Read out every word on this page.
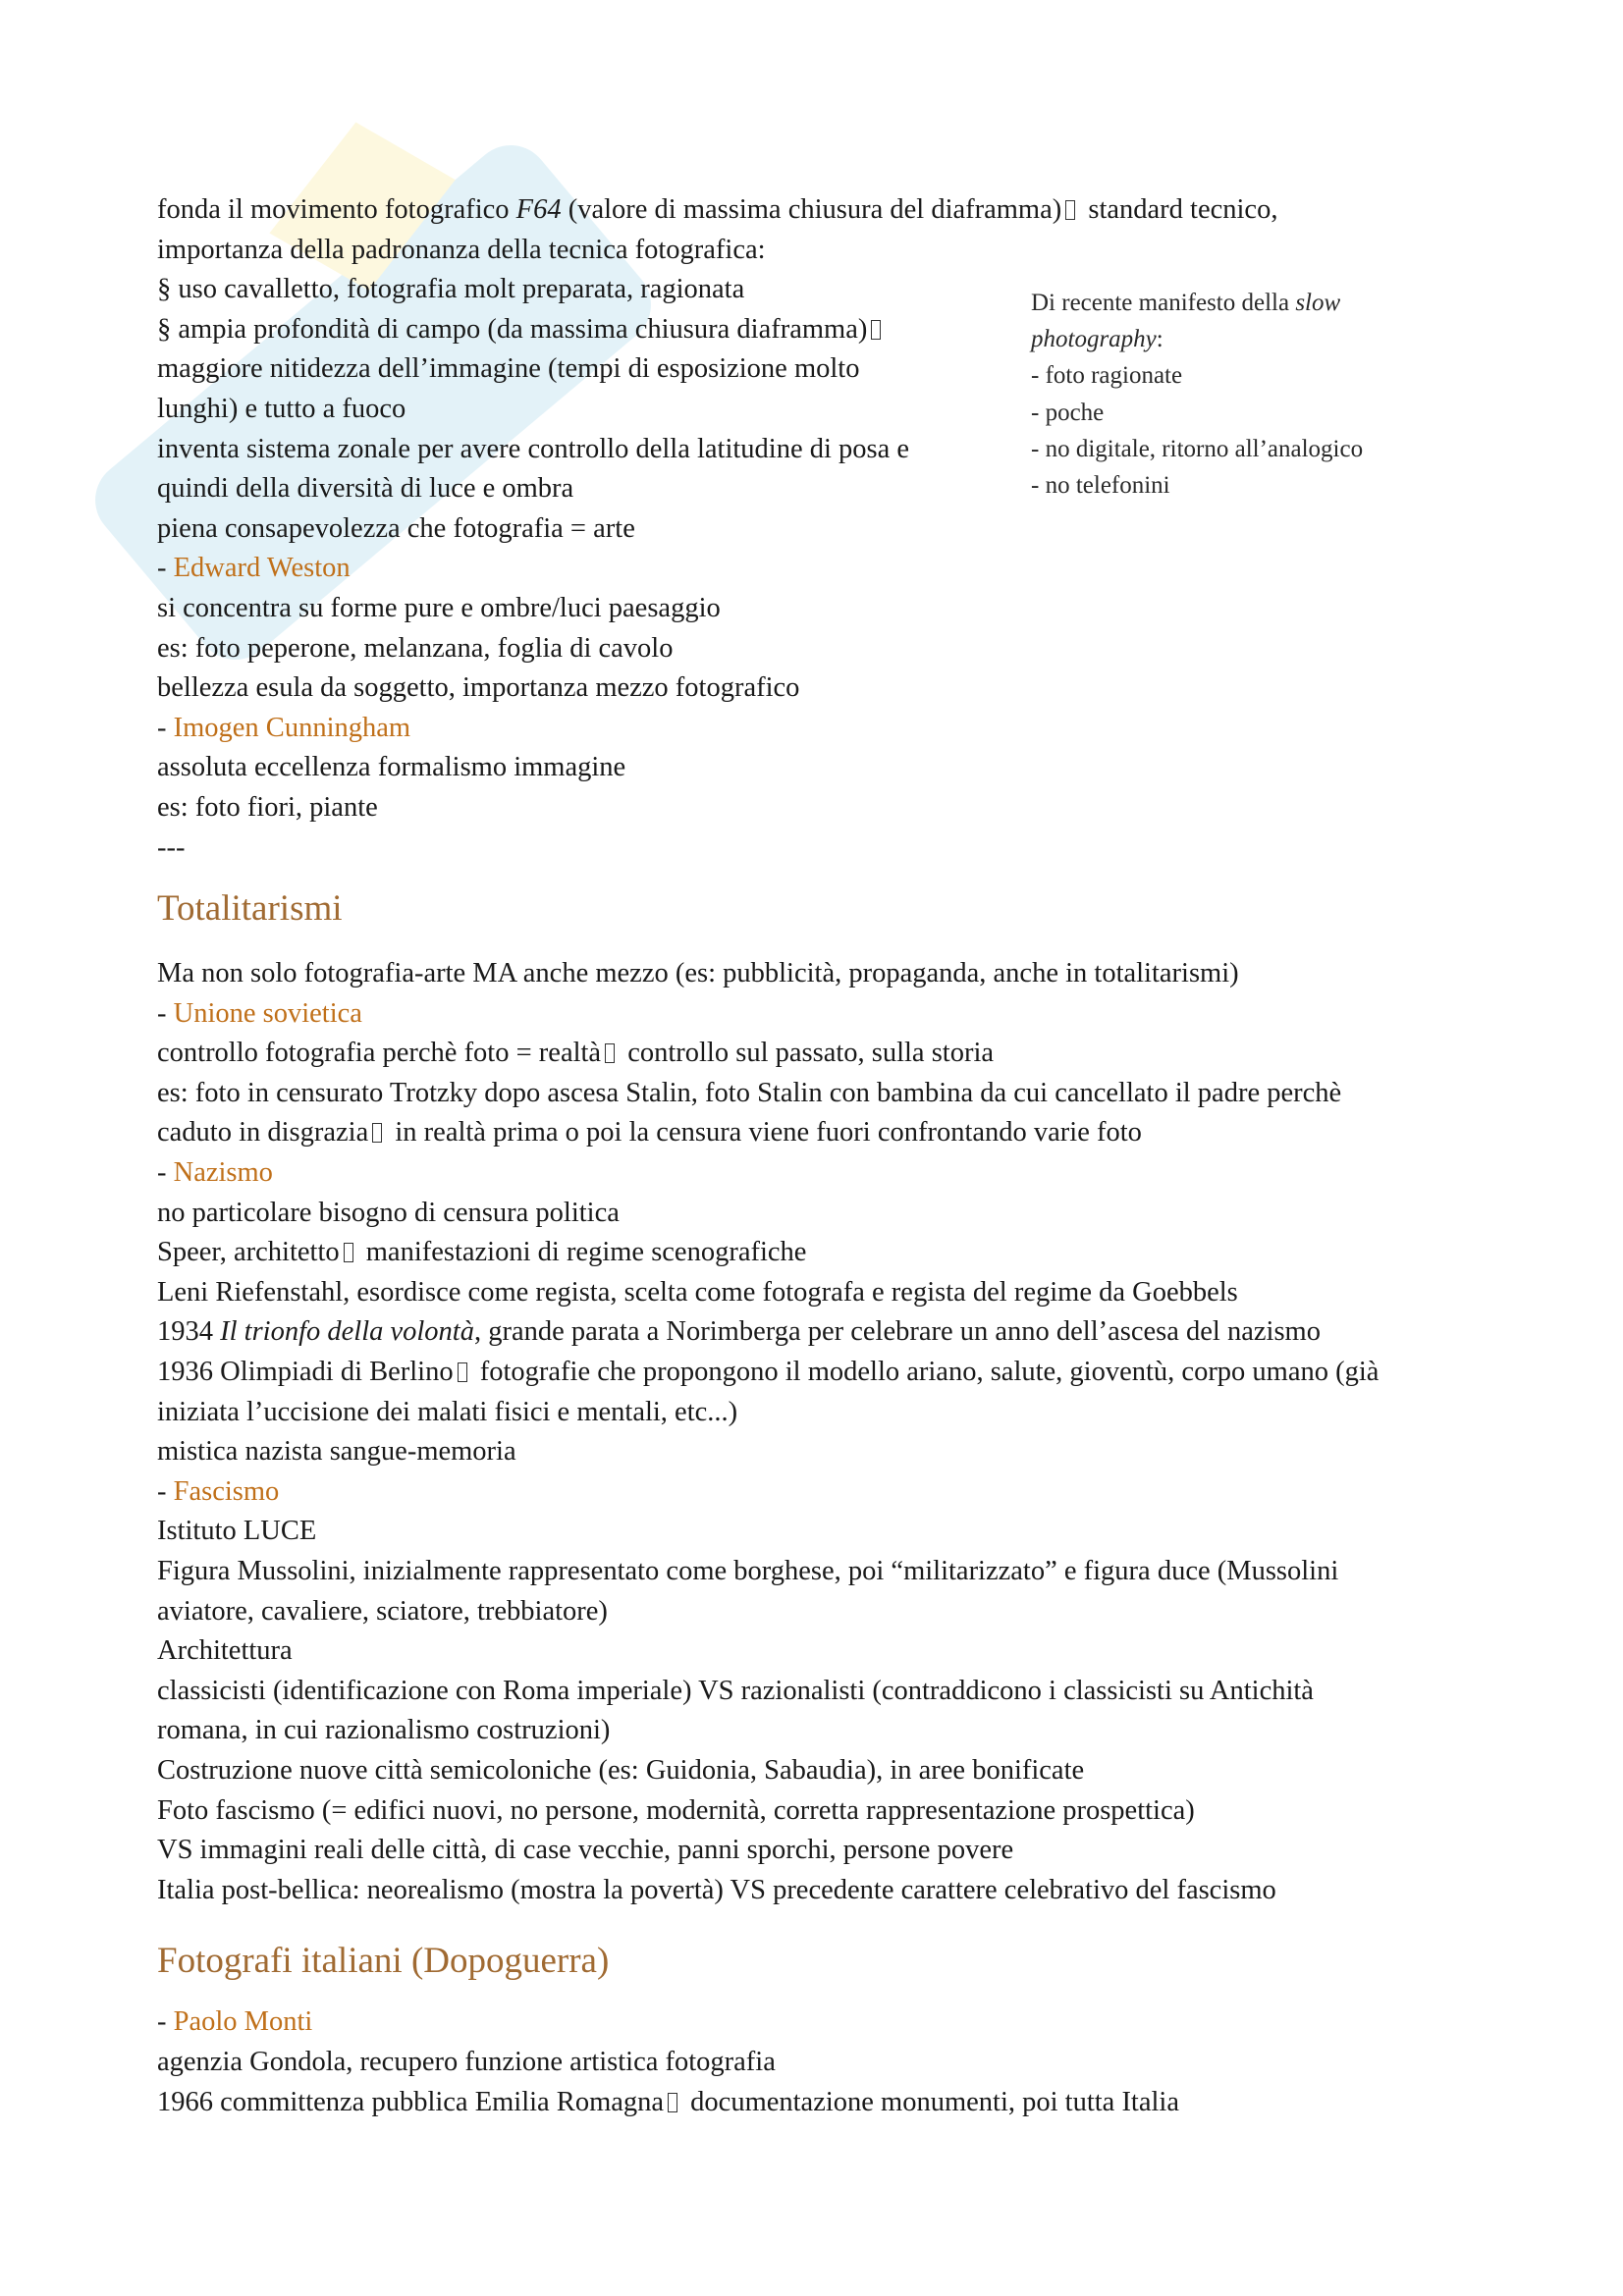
fonda il movimento fotografico F64 (valore di massima chiusura del diaframma) standard tecnico,
importanza della padronanza della tecnica fotografica:
§ uso cavalletto, fotografia molt preparata, ragionata
§ ampia profondità di campo (da massima chiusura diaframma)
maggiore nitidezza dell’immagine (tempi di esposizione molto lunghi) e tutto a fuoco
inventa sistema zonale per avere controllo della latitudine di posa e quindi della diversità di luce e ombra
piena consapevolezza che fotografia = arte
- Edward Weston
si concentra su forme pure e ombre/luci paesaggio
es: foto peperone, melanzana, foglia di cavolo
bellezza esula da soggetto, importanza mezzo fotografico
- Imogen Cunningham
assoluta eccellenza formalismo immagine
es: foto fiori, piante
---
Totalitarismi
Ma non solo fotografia-arte MA anche mezzo (es: pubblicità, propaganda, anche in totalitarismi)
- Unione sovietica
controllo fotografia perchè foto = realtà controllo sul passato, sulla storia
es: foto in censurato Trotzky dopo ascesa Stalin, foto Stalin con bambina da cui cancellato il padre perchè
caduto in disgrazia in realtà prima o poi la censura viene fuori confrontando varie foto
- Nazismo
no particolare bisogno di censura politica
Speer, architetto manifestazioni di regime scenografiche
Leni Riefenstahl, esordisce come regista, scelta come fotografa e regista del regime da Goebbels
1934 Il trionfo della volontà, grande parata a Norimberga per celebrare un anno dell’ascesa del nazismo
1936 Olimpiadi di Berlino fotografie che propongono il modello ariano, salute, gioventù, corpo umano (già
iniziata l’uccisione dei malati fisici e mentali, etc...)
mistica nazista sangue-memoria
- Fascismo
Istituto LUCE
Figura Mussolini, inizialmente rappresentato come borghese, poi “militarizzato” e figura duce (Mussolini
aviatore, cavaliere, sciatore, trebbiatore)
Architettura
classicisti (identificazione con Roma imperiale) VS razionalisti (contraddicono i classicisti su Antichità
romana, in cui razionalismo costruzioni)
Costruzione nuove città semicoloniche (es: Guidonia, Sabaudia), in aree bonificate
Foto fascismo (= edifici nuovi, no persone, modernità, corretta rappresentazione prospettica)
VS immagini reali delle città, di case vecchie, panni sporchi, persone povere
Italia post-bellica: neorealismo (mostra la povertà) VS precedente carattere celebrativo del fascismo
Fotografi italiani (Dopoguerra)
- Paolo Monti
agenzia Gondola, recupero funzione artistica fotografia
1966 committenza pubblica Emilia Romagna documentazione monumenti, poi tutta Italia
Di recente manifesto della slow photography:
- foto ragionate
- poche
- no digitale, ritorno all’analogico
- no telefonini
